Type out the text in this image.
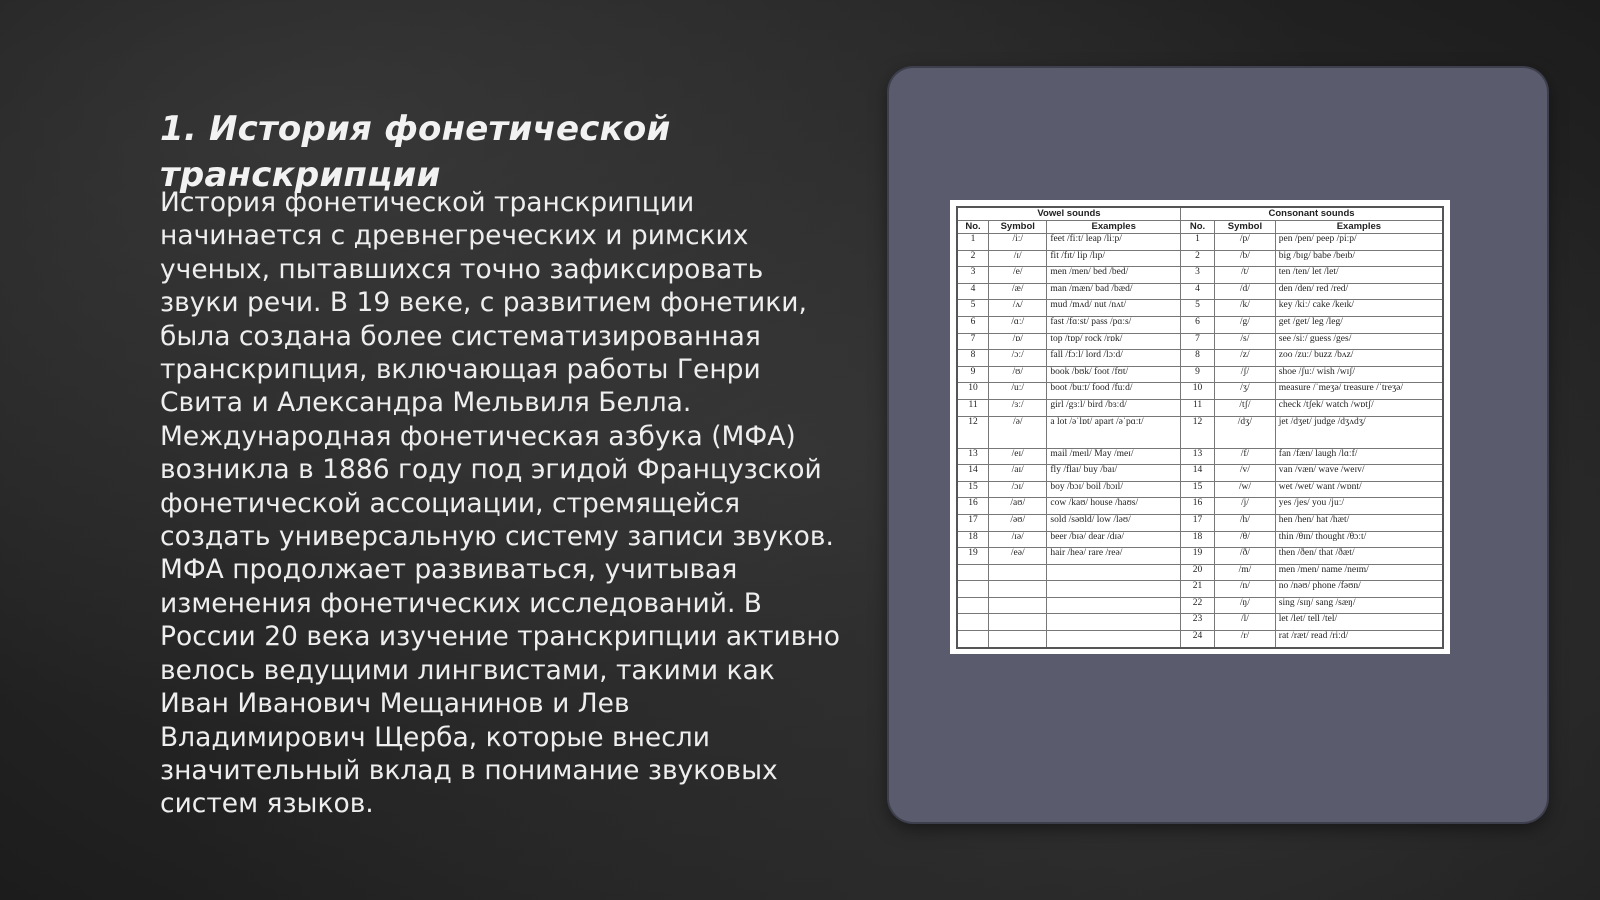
1. История фонетической транскрипции

История фонетической транскрипции начинается с древнегреческих и римских ученых, пытавшихся точно зафиксировать звуки речи. В 19 веке, с развитием фонетики, была создана более систематизированная транскрипция, включающая работы Генри Свита и Александра Мельвиля Белла. Международная фонетическая азбука (МФА) возникла в 1886 году под эгидой Французской фонетической ассоциации, стремящейся создать универсальную систему записи звуков. МФА продолжает развиваться, учитывая изменения фонетических исследований. В России 20 века изучение транскрипции активно велось ведущими лингвистами, такими как Иван Иванович Мещанинов и Лев Владимирович Щерба, которые внесли значительный вклад в понимание звуковых систем языков.

Vowel sounds			Consonant sounds		
No.	Symbol	Examples	No.	Symbol	Examples
1	/iː/	feet /fiːt/ leap /liːp/	1	/p/	pen /pen/ peep /piːp/
2	/ɪ/	fit /fɪt/ lip /lɪp/	2	/b/	big /bɪg/ babe /beɪb/
3	/e/	men /men/ bed /bed/	3	/t/	ten /ten/ let /let/
4	/æ/	man /mæn/ bad /bæd/	4	/d/	den /den/ red /red/
5	/ʌ/	mud /mʌd/ nut /nʌt/	5	/k/	key /kiː/ cake /keɪk/
6	/ɑː/	fast /fɑːst/ pass /pɑːs/	6	/g/	get /get/ leg /leg/
7	/ɒ/	top /tɒp/ rock /rɒk/	7	/s/	see /siː/ guess /ges/
8	/ɔː/	fall /fɔːl/ lord /lɔːd/	8	/z/	zoo /zuː/ buzz /bʌz/
9	/ʊ/	book /bʊk/ foot /fʊt/	9	/ʃ/	shoe /ʃuː/ wish /wɪʃ/
10	/uː/	boot /buːt/ food /fuːd/	10	/ʒ/	measure /ˈmeʒə/ treasure /ˈtreʒə/
11	/ɜː/	girl /gɜːl/ bird /bɜːd/	11	/tʃ/	check /tʃek/ watch /wɒtʃ/
12	/ə/	a lot /əˈlɒt/ apart /əˈpɑːt/	12	/dʒ/	jet /dʒet/ judge /dʒʌdʒ/
13	/eɪ/	mail /meɪl/ May /meɪ/	13	/f/	fan /fæn/ laugh /lɑːf/
14	/aɪ/	fly /flaɪ/ buy /baɪ/	14	/v/	van /væn/ wave /weɪv/
15	/ɔɪ/	boy /bɔɪ/ boil /bɔɪl/	15	/w/	wet /wet/ want /wɒnt/
16	/aʊ/	cow /kaʊ/ house /haʊs/	16	/j/	yes /jes/ you /juː/
17	/əʊ/	sold /səʊld/ low /ləʊ/	17	/h/	hen /hen/ hat /hæt/
18	/ɪə/	beer /bɪə/ dear /dɪə/	18	/θ/	thin /θɪn/ thought /θɔːt/
19	/eə/	hair /heə/ rare /reə/	19	/ð/	then /ðen/ that /ðæt/
			20	/m/	men /men/ name /neɪm/
			21	/n/	no /nəʊ/ phone /fəʊn/
			22	/ŋ/	sing /sɪŋ/ sang /sæŋ/
			23	/l/	let /let/ tell /tel/
			24	/r/	rat /ræt/ read /riːd/
